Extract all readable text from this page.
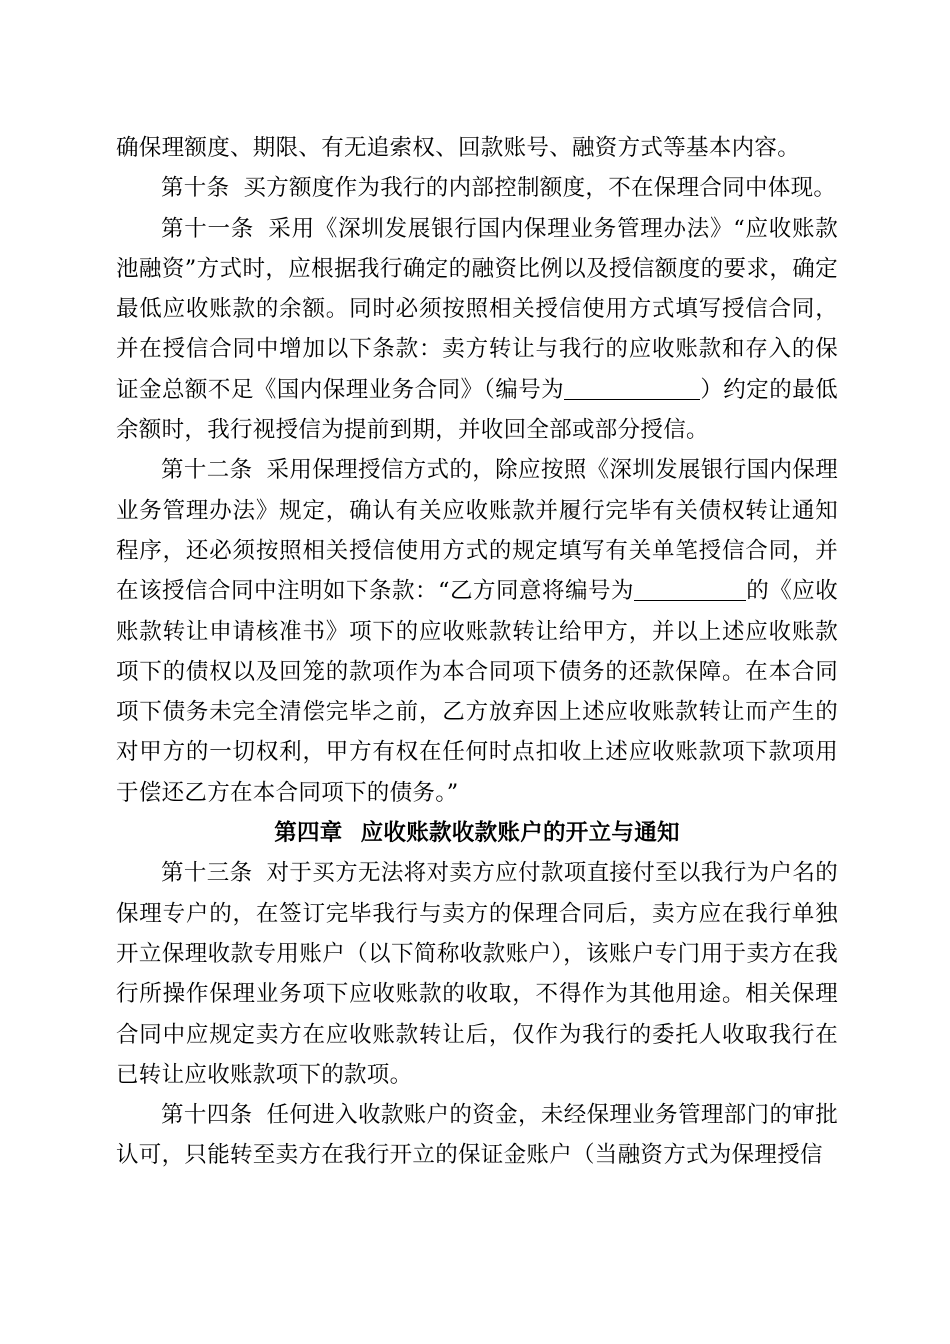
确保理额度、期限、有无追索权、回款账号、融资方式等基本内容。

第十条 买方额度作为我行的内部控制额度，不在保理合同中体现。

第十一条 采用《深圳发展银行国内保理业务管理办法》“应收账款池融资”方式时，应根据我行确定的融资比例以及授信额度的要求，确定最低应收账款的余额。同时必须按照相关授信使用方式填写授信合同，并在授信合同中增加以下条款：卖方转让与我行的应收账款和存入的保证金总额不足《国内保理业务合同》（编号为	）约定的最低余额时，我行视授信为提前到期，并收回全部或部分授信。

第十二条 采用保理授信方式的，除应按照《深圳发展银行国内保理业务管理办法》规定，确认有关应收账款并履行完毕有关债权转让通知程序，还必须按照相关授信使用方式的规定填写有关单笔授信合同，并在该授信合同中注明如下条款：“乙方同意将编号为	的《应收账款转让申请核准书》项下的应收账款转让给甲方，并以上述应收账款项下的债权以及回笼的款项作为本合同项下债务的还款保障。在本合同项下债务未完全清偿完毕之前，乙方放弃因上述应收账款转让而产生的对甲方的一切权利，甲方有权在任何时点扣收上述应收账款项下款项用于偿还乙方在本合同项下的债务。”

第四章 应收账款收款账户的开立与通知

第十三条 对于买方无法将对卖方应付款项直接付至以我行为户名的保理专户的，在签订完毕我行与卖方的保理合同后，卖方应在我行单独开立保理收款专用账户（以下简称收款账户），该账户专门用于卖方在我行所操作保理业务项下应收账款的收取，不得作为其他用途。相关保理合同中应规定卖方在应收账款转让后，仅作为我行的委托人收取我行在已转让应收账款项下的款项。

第十四条 任何进入收款账户的资金，未经保理业务管理部门的审批认可，只能转至卖方在我行开立的保证金账户（当融资方式为保理授信
